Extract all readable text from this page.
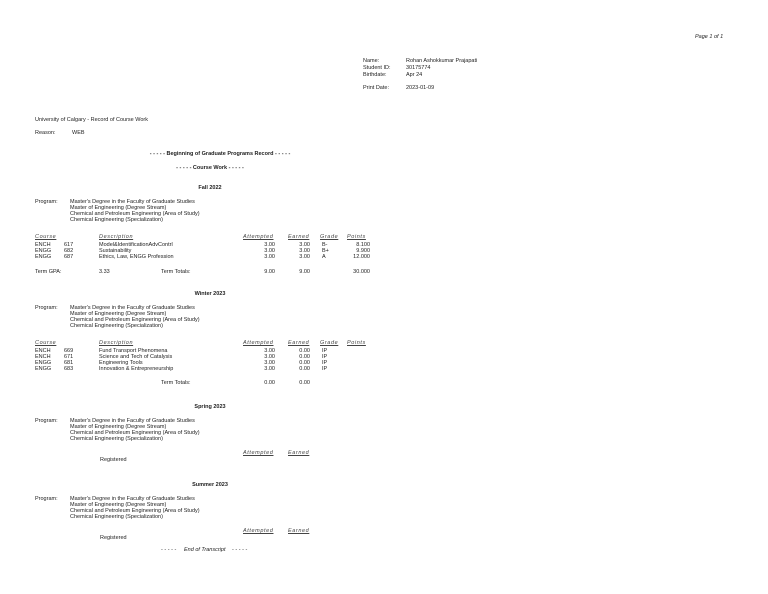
Page 1 of 1
Name:	Rohan Ashokkumar Prajapati
Student ID:	30175774
Birthdate:	Apr 24
Print Date:	2023-01-09
University of Calgary - Record of Course Work
Reason:	WEB
- - - - - Beginning of Graduate Programs Record - - - - -
- - - - - Course Work - - - - -
Fall 2022
Program: Master's Degree in the Faculty of Graduate Studies
Master of Engineering (Degree Stream)
Chemical and Petroleum Engineering (Area of Study)
Chemical Engineering (Specialization)
Course	Description	Attempted	Earned Grade Points
ENCH 617	Model&IdentificationAdvContrl	3.00	3.00 B-	8.100
ENGG 682	Sustainability	3.00	3.00 B+	9.900
ENGG 687	Ethics, Law, ENGG Profession	3.00	3.00 A	12.000
Term GPA:	3.33	Term Totals:	9.00	9.00	30.000
Winter 2023
Program: Master's Degree in the Faculty of Graduate Studies
Master of Engineering (Degree Stream)
Chemical and Petroleum Engineering (Area of Study)
Chemical Engineering (Specialization)
Course	Description	Attempted	Earned Grade Points
ENCH 669	Fund Transport Phenomena	3.00	0.00 IP
ENCH 671	Science and Tech of Catalysis	3.00	0.00 IP
ENGG 681	Engineering Tools	3.00	0.00 IP
ENGG 683	Innovation & Entrepreneurship	3.00	0.00 IP
Term Totals:	0.00	0.00
Spring 2023
Program: Master's Degree in the Faculty of Graduate Studies
Master of Engineering (Degree Stream)
Chemical and Petroleum Engineering (Area of Study)
Chemical Engineering (Specialization)
Attempted	Earned
Registered
Summer 2023
Program: Master's Degree in the Faculty of Graduate Studies
Master of Engineering (Degree Stream)
Chemical and Petroleum Engineering (Area of Study)
Chemical Engineering (Specialization)
Attempted	Earned
Registered
- - - - - End of Transcript - - - - -
